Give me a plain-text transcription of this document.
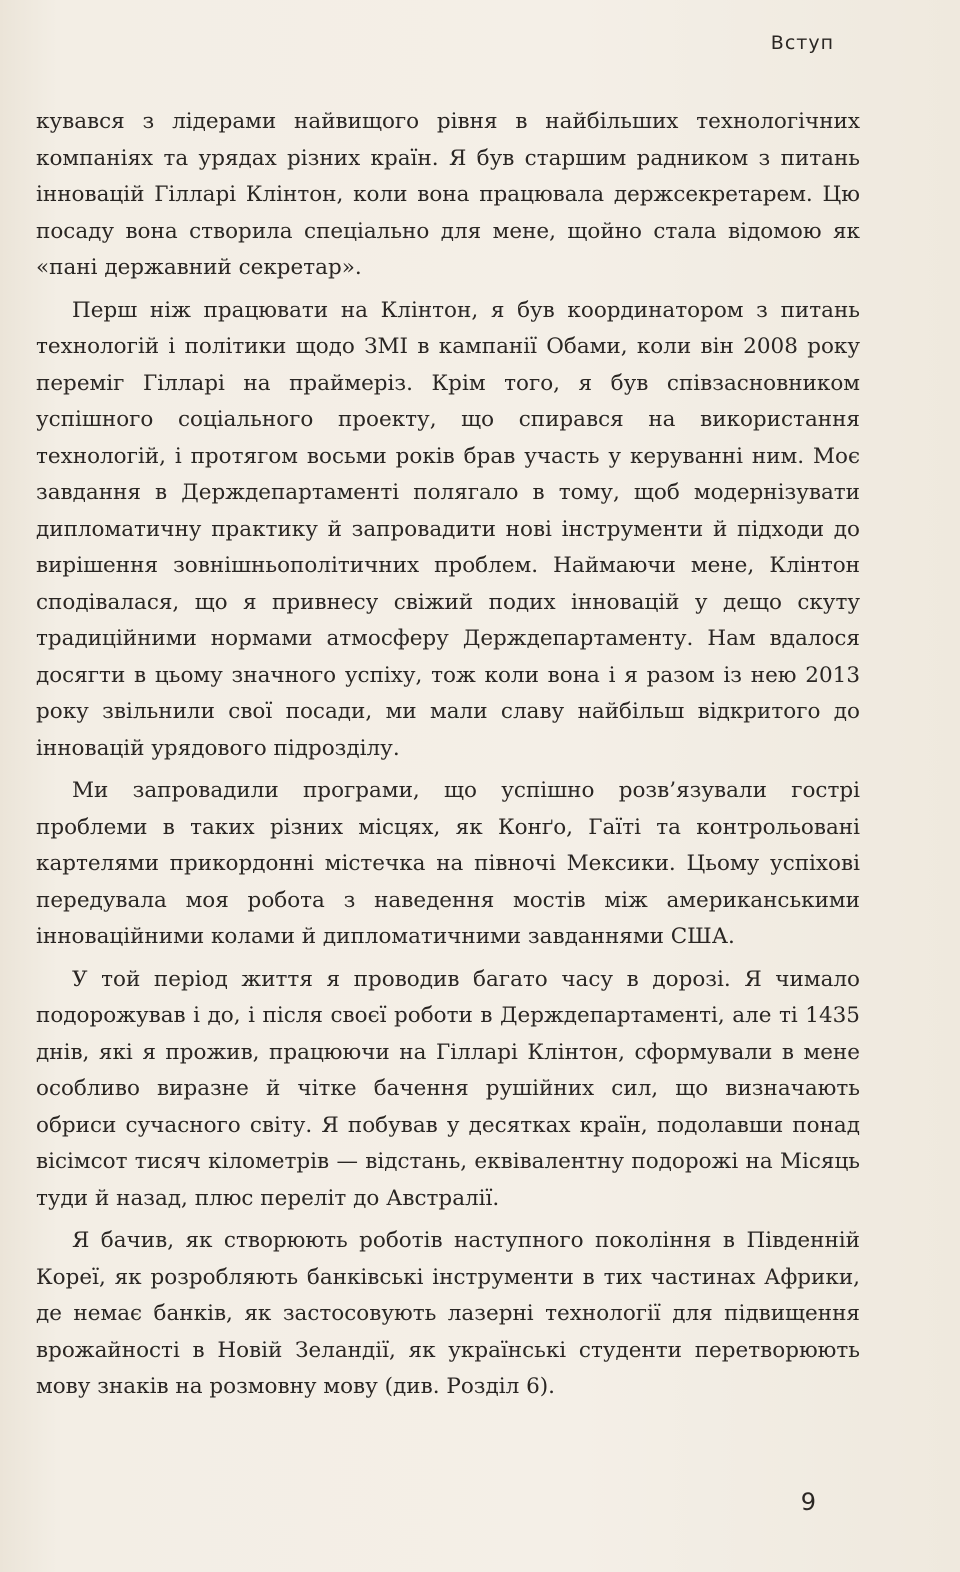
Вступ

кувався з лідерами найвищого рівня в найбільших технологічних компаніях та урядах різних країн. Я був старшим радником з питань інновацій Гілларі Клінтон, коли вона працювала держсекретарем. Цю посаду вона створила спеціально для мене, щойно стала відомою як «пані державний секретар».

Перш ніж працювати на Клінтон, я був координатором з питань технологій і політики щодо ЗМІ в кампанії Обами, коли він 2008 року переміг Гілларі на праймеріз. Крім того, я був співзасновником успішного соціального проекту, що спирався на використання технологій, і протягом восьми років брав участь у керуванні ним. Моє завдання в Держдепартаменті полягало в тому, щоб модернізувати дипломатичну практику й запровадити нові інструменти й підходи до вирішення зовнішньополітичних проблем. Наймаючи мене, Клінтон сподівалася, що я привнесу свіжий подих інновацій у дещо скуту традиційними нормами атмосферу Держдепартаменту. Нам вдалося досягти в цьому значного успіху, тож коли вона і я разом із нею 2013 року звільнили свої посади, ми мали славу найбільш відкритого до інновацій урядового підрозділу.

Ми запровадили програми, що успішно розв’язували гострі проблеми в таких різних місцях, як Конґо, Гаїті та контрольовані картелями прикордонні містечка на півночі Мексики. Цьому успіхові передувала моя робота з наведення мостів між американськими інноваційними колами й дипломатичними завданнями США.

У той період життя я проводив багато часу в дорозі. Я чимало подорожував і до, і після своєї роботи в Держдепартаменті, але ті 1435 днів, які я прожив, працюючи на Гілларі Клінтон, сформували в мене особливо виразне й чітке бачення рушійних сил, що визначають обриси сучасного світу. Я побував у десятках країн, подолавши понад вісімсот тисяч кілометрів — відстань, еквівалентну подорожі на Місяць туди й назад, плюс переліт до Австралії.

Я бачив, як створюють роботів наступного покоління в Південній Кореї, як розробляють банківські інструменти в тих частинах Африки, де немає банків, як застосовують лазерні технології для підвищення врожайності в Новій Зеландії, як українські студенти перетворюють мову знаків на розмовну мову (див. Розділ 6).

9
